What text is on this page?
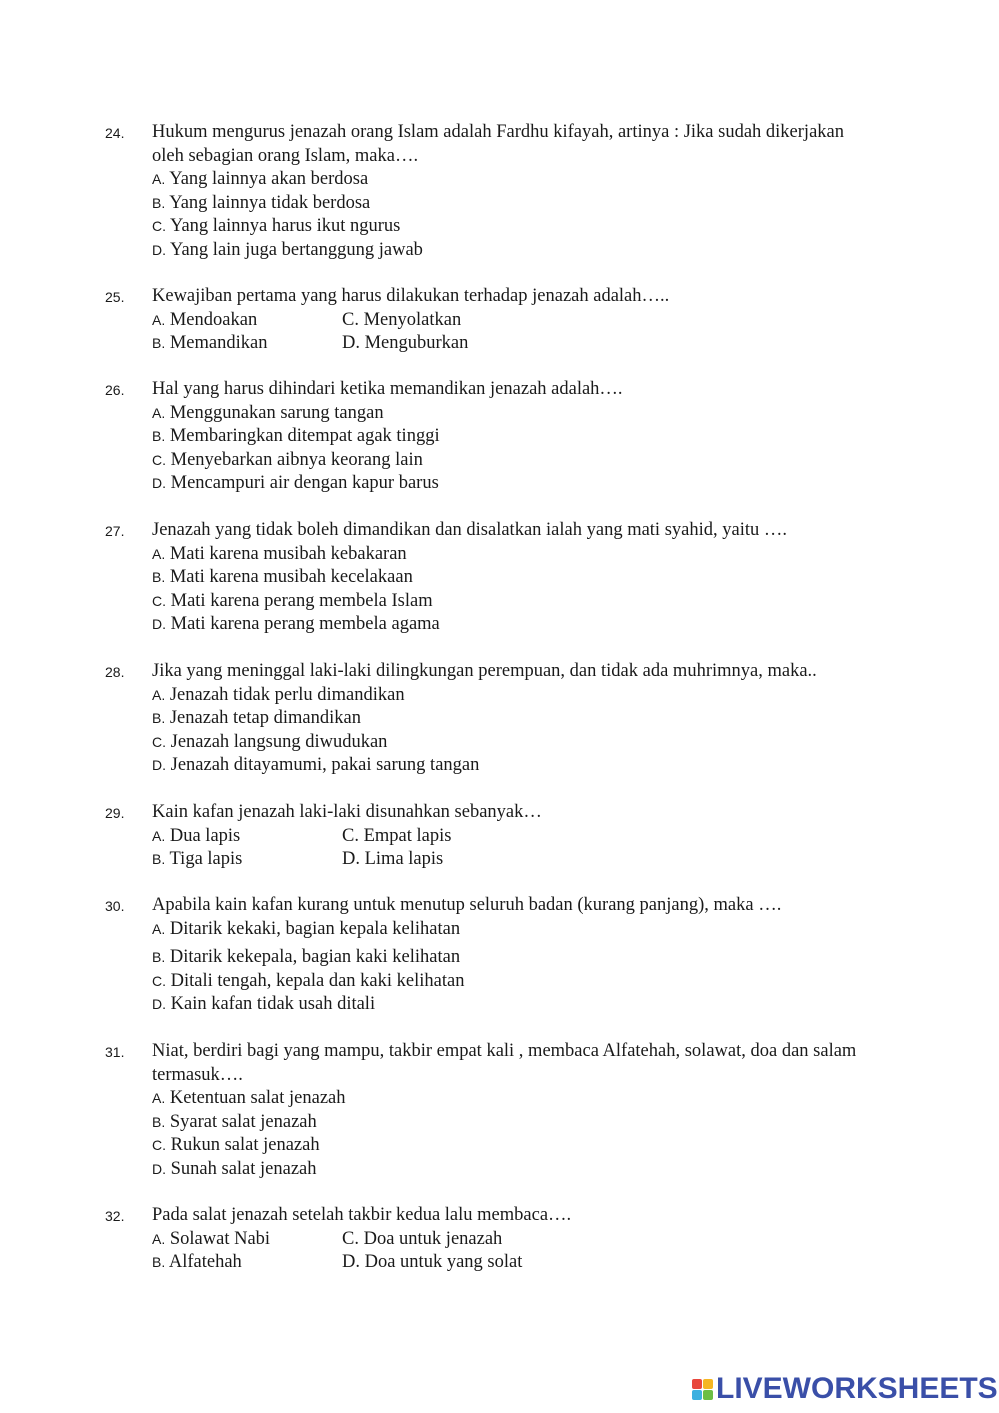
24. Hukum mengurus jenazah orang Islam adalah Fardhu kifayah, artinya : Jika sudah dikerjakan oleh sebagian orang Islam, maka….
A. Yang lainnya akan berdosa
B. Yang lainnya tidak berdosa
C. Yang lainnya harus ikut ngurus
D. Yang lain juga bertanggung jawab
25. Kewajiban pertama yang harus dilakukan terhadap jenazah adalah…..
A. Mendoakan	C. Menyolatkan
B. Memandikan	D. Menguburkan
26. Hal yang harus dihindari ketika memandikan jenazah adalah….
A. Menggunakan sarung tangan
B. Membaringkan ditempat agak tinggi
C. Menyebarkan aibnya keorang lain
D. Mencampuri air dengan kapur barus
27. Jenazah yang tidak boleh dimandikan dan disalatkan ialah yang mati syahid, yaitu ….
A. Mati karena musibah kebakaran
B. Mati karena musibah kecelakaan
C. Mati karena perang membela Islam
D. Mati karena perang membela agama
28. Jika yang meninggal laki-laki dilingkungan perempuan, dan tidak ada muhrimnya, maka..
A. Jenazah tidak perlu dimandikan
B. Jenazah tetap dimandikan
C. Jenazah langsung diwudukan
D. Jenazah ditayamumi, pakai sarung tangan
29. Kain kafan jenazah laki-laki disunahkan sebanyak…
A. Dua lapis	C. Empat lapis
B. Tiga lapis	D. Lima lapis
30. Apabila kain kafan kurang untuk menutup seluruh badan (kurang panjang), maka ….
A. Ditarik kekaki, bagian kepala kelihatan
B. Ditarik kekepala, bagian kaki kelihatan
C. Ditali tengah, kepala dan kaki kelihatan
D. Kain kafan tidak usah ditali
31. Niat, berdiri bagi yang mampu, takbir empat kali , membaca Alfatehah, solawat, doa dan salam termasuk….
A. Ketentuan salat jenazah
B. Syarat salat jenazah
C. Rukun salat jenazah
D. Sunah salat jenazah
32. Pada salat jenazah setelah takbir kedua lalu membaca….
A. Solawat Nabi	C. Doa untuk jenazah
B. Alfatehah	D. Doa untuk yang solat
LIVEWORKSHEETS
